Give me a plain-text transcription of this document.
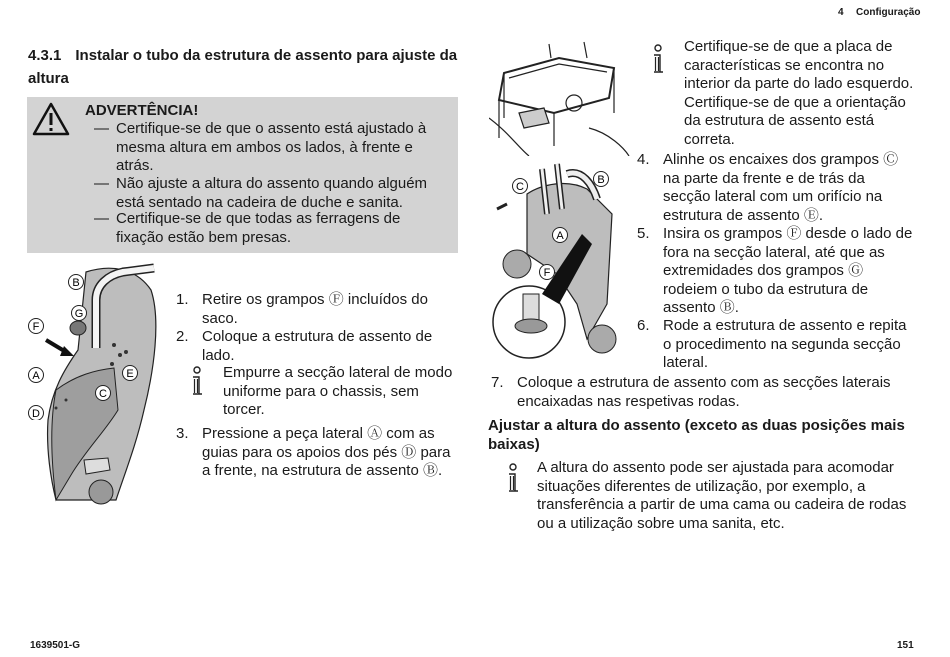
4 Configuração
4.3.1 Instalar o tubo da estrutura de assento para ajuste da altura
ADVERTÊNCIA!
— Certifique-se de que o assento está ajustado à mesma altura em ambos os lados, à frente e atrás.
— Não ajuste a altura do assento quando alguém está sentado na cadeira de duche e sanita.
— Certifique-se de que todas as ferragens de fixação estão bem presas.
B
G
F
A	E
C
D
1. Retire os grampos Ⓕ incluídos do saco.
2. Coloque a estrutura de assento de lado.
Empurre a secção lateral de modo uniforme para o chassis, sem torcer.
3. Pressione a peça lateral Ⓐ com as guias para os apoios dos pés Ⓓ para a frente, na estrutura de assento Ⓑ.
C
B
A
F
Certifique-se de que a placa de características se encontra no interior da parte do lado esquerdo. Certifique-se de que a orientação da estrutura de assento está correta.
4. Alinhe os encaixes dos grampos Ⓒ na parte da frente e de trás da secção lateral com um orifício na estrutura de assento Ⓔ.
5. Insira os grampos Ⓕ desde o lado de fora na secção lateral, até que as extremidades dos grampos Ⓖ rodeiem o tubo da estrutura de assento Ⓑ.
6. Rode a estrutura de assento e repita o procedimento na segunda secção lateral.
7. Coloque a estrutura de assento com as secções laterais encaixadas nas respetivas rodas.
Ajustar a altura do assento (exceto as duas posições mais baixas)
A altura do assento pode ser ajustada para acomodar situações diferentes de utilização, por exemplo, a transferência a partir de uma cama ou cadeira de rodas ou a utilização sobre uma sanita, etc.
1639501-G	151
